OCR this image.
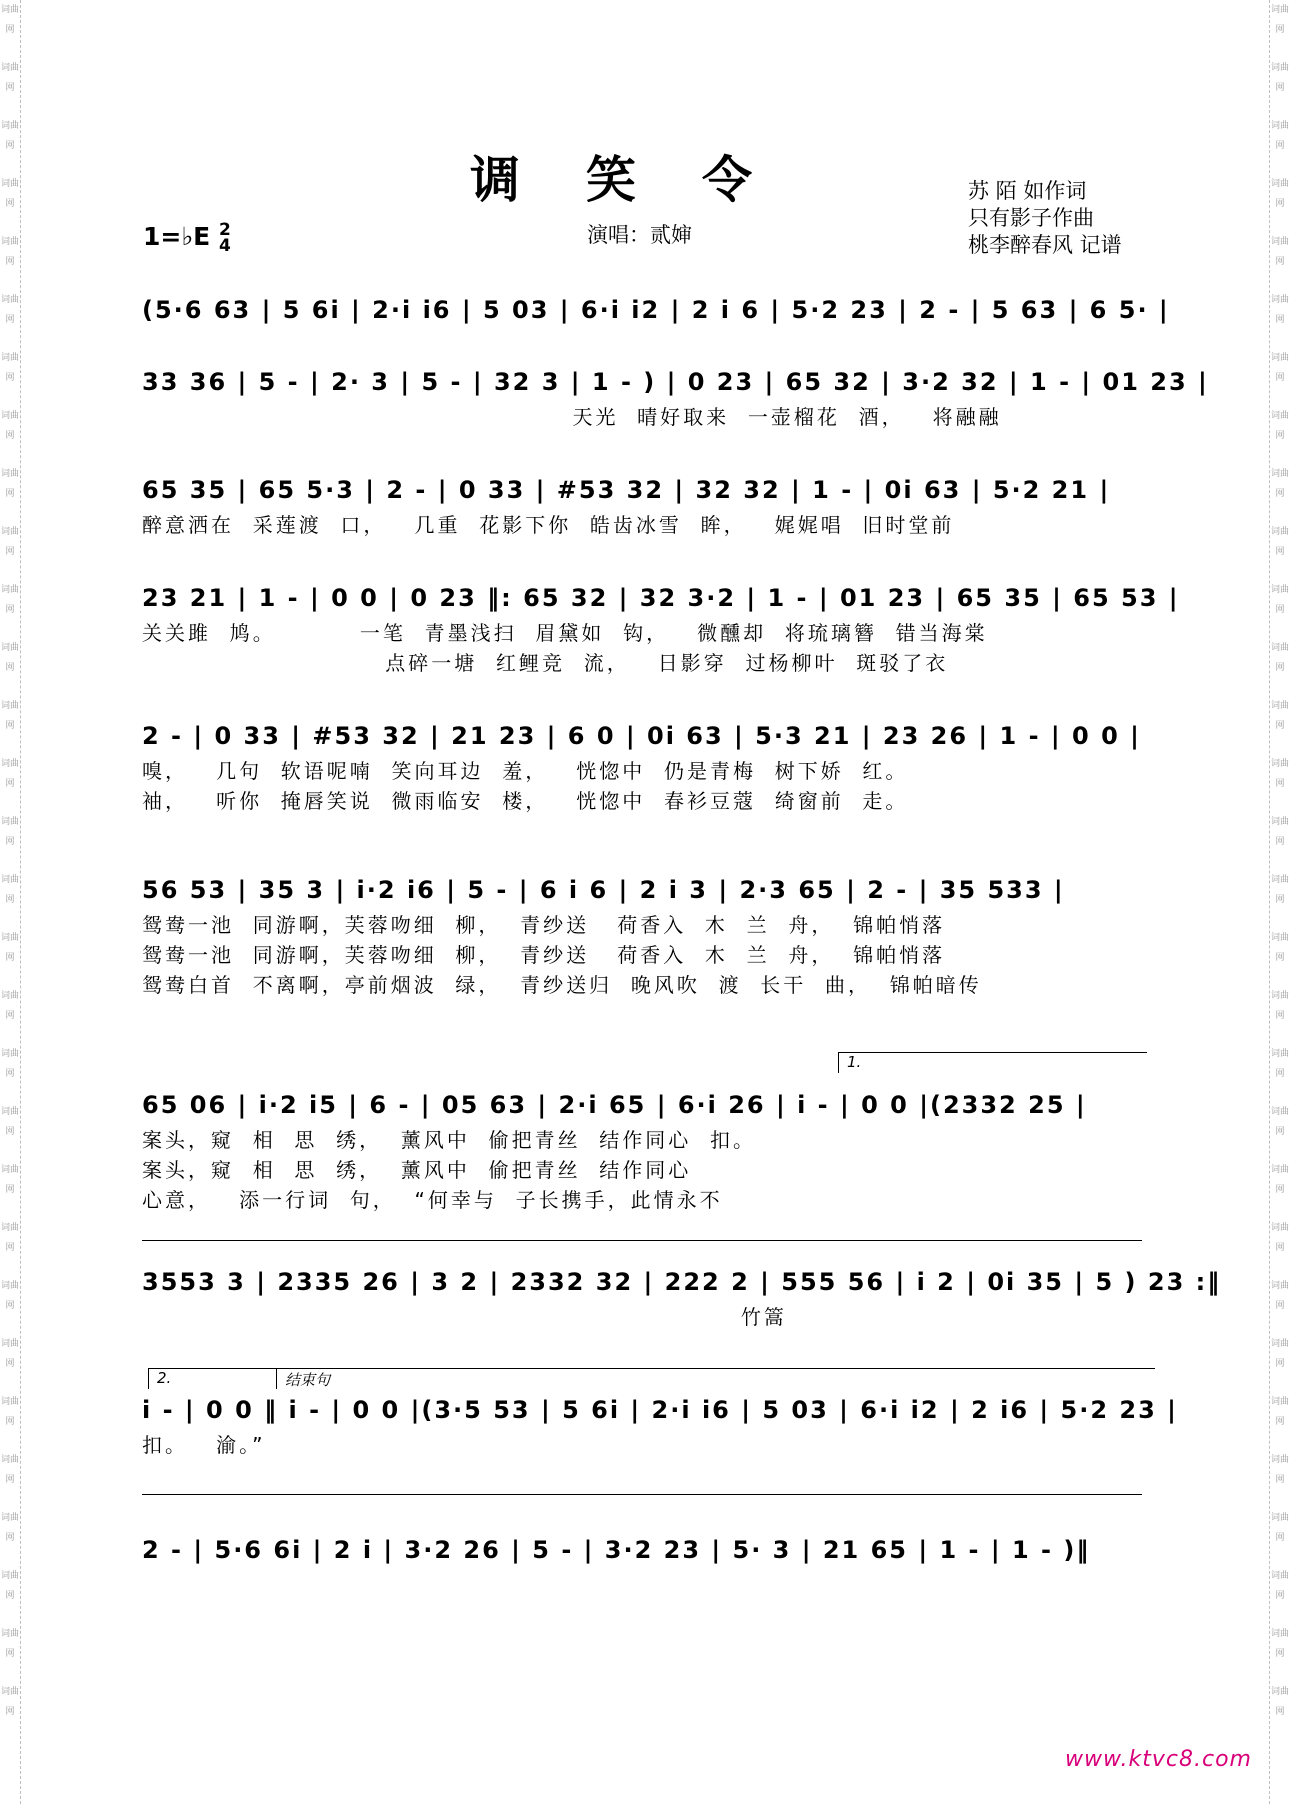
词曲网
词曲网
词曲网
词曲网
词曲网
词曲网
词曲网
词曲网
词曲网
词曲网
词曲网
词曲网
词曲网
词曲网
词曲网
词曲网
词曲网
词曲网
词曲网
词曲网
词曲网
词曲网
词曲网
词曲网
词曲网
词曲网
词曲网
词曲网
词曲网
词曲网
词曲网
词曲网
词曲网
词曲网
词曲网
词曲网
词曲网
词曲网
词曲网
词曲网
词曲网
词曲网
词曲网
词曲网
词曲网
词曲网
词曲网
词曲网
词曲网
词曲网
词曲网
词曲网
词曲网
词曲网
词曲网
词曲网
词曲网
词曲网
词曲网
词曲网
调笑令	苏 陌 如作词
只有影子作曲
桃李醉春风 记谱
1=♭E 2
4	演唱：贰婶
(5·6 63 | 5 6i | 2·i i6 | 5 03 | 6·i i2 | 2 i 6 | 5·2 23 | 2 - | 5 63 | 6 5· |
33 36 | 5 - | 2· 3 | 5 - | 32 3 | 1 - ) | 0 23 | 65 32 | 3·2 32 | 1 - | 01 23 |
天光  晴好取来  一壶榴花  酒，   将融融
65 35 | 65 5·3 | 2 - | 0 33 | #53 32 | 32 32 | 1 - | 0i 63 | 5·2 21 |
醉意洒在  采莲渡  口，   几重  花影下你  皓齿冰雪  眸，   娓娓唱  旧时堂前
23 21 | 1 - | 0 0 | 0 23 ‖: 65 32 | 32 3·2 | 1 - | 01 23 | 65 35 | 65 53 |
关关雎  鸠。         一笔  青墨浅扫  眉黛如  钩，   微醺却  将琉璃簪  错当海棠
点碎一塘  红鲤竞  流，   日影穿  过杨柳叶  斑驳了衣
2 - | 0 33 | #53 32 | 21 23 | 6 0 | 0i 63 | 5·3 21 | 23 26 | 1 - | 0 0 |
嗅，   几句  软语呢喃  笑向耳边  羞，   恍惚中  仍是青梅  树下娇  红。
袖，   听你  掩唇笑说  微雨临安  楼，   恍惚中  春衫豆蔻  绮窗前  走。
56 53 | 35 3 | i·2 i6 | 5 - | 6 i 6 | 2 i 3 | 2·3 65 | 2 - | 35 533 |
鸳鸯一池  同游啊，芙蓉吻细  柳，  青纱送   荷香入  木  兰  舟，  锦帕悄落
鸳鸯一池  同游啊，芙蓉吻细  柳，  青纱送   荷香入  木  兰  舟，  锦帕悄落
鸳鸯白首  不离啊，亭前烟波  绿，  青纱送归  晚风吹  渡  长干  曲，  锦帕暗传
65 06 | i·2 i5 | 6 - | 05 63 | 2·i 65 | 6·i 26 | i - | 0 0 |(2332 25 |
案头，窥  相  思  绣，  薰风中  偷把青丝  结作同心  扣。
案头，窥  相  思  绣，  薰风中  偷把青丝  结作同心
心意，   添一行词  句，  “何幸与  子长携手，此情永不
3553 3 | 2335 26 | 3 2 | 2332 32 | 222 2 | 555 56 | i 2 | 0i 35 | 5 ) 23 :‖
竹篙
i - | 0 0 ‖ i - | 0 0 |(3·5 53 | 5 6i | 2·i i6 | 5 03 | 6·i i2 | 2 i6 | 5·2 23 |
扣。   渝。”
2 - | 5·6 6i | 2 i | 3·2 26 | 5 - | 3·2 23 | 5· 3 | 21 65 | 1 - | 1 - )‖
1.
2.	结束句
www.ktvc8.com
